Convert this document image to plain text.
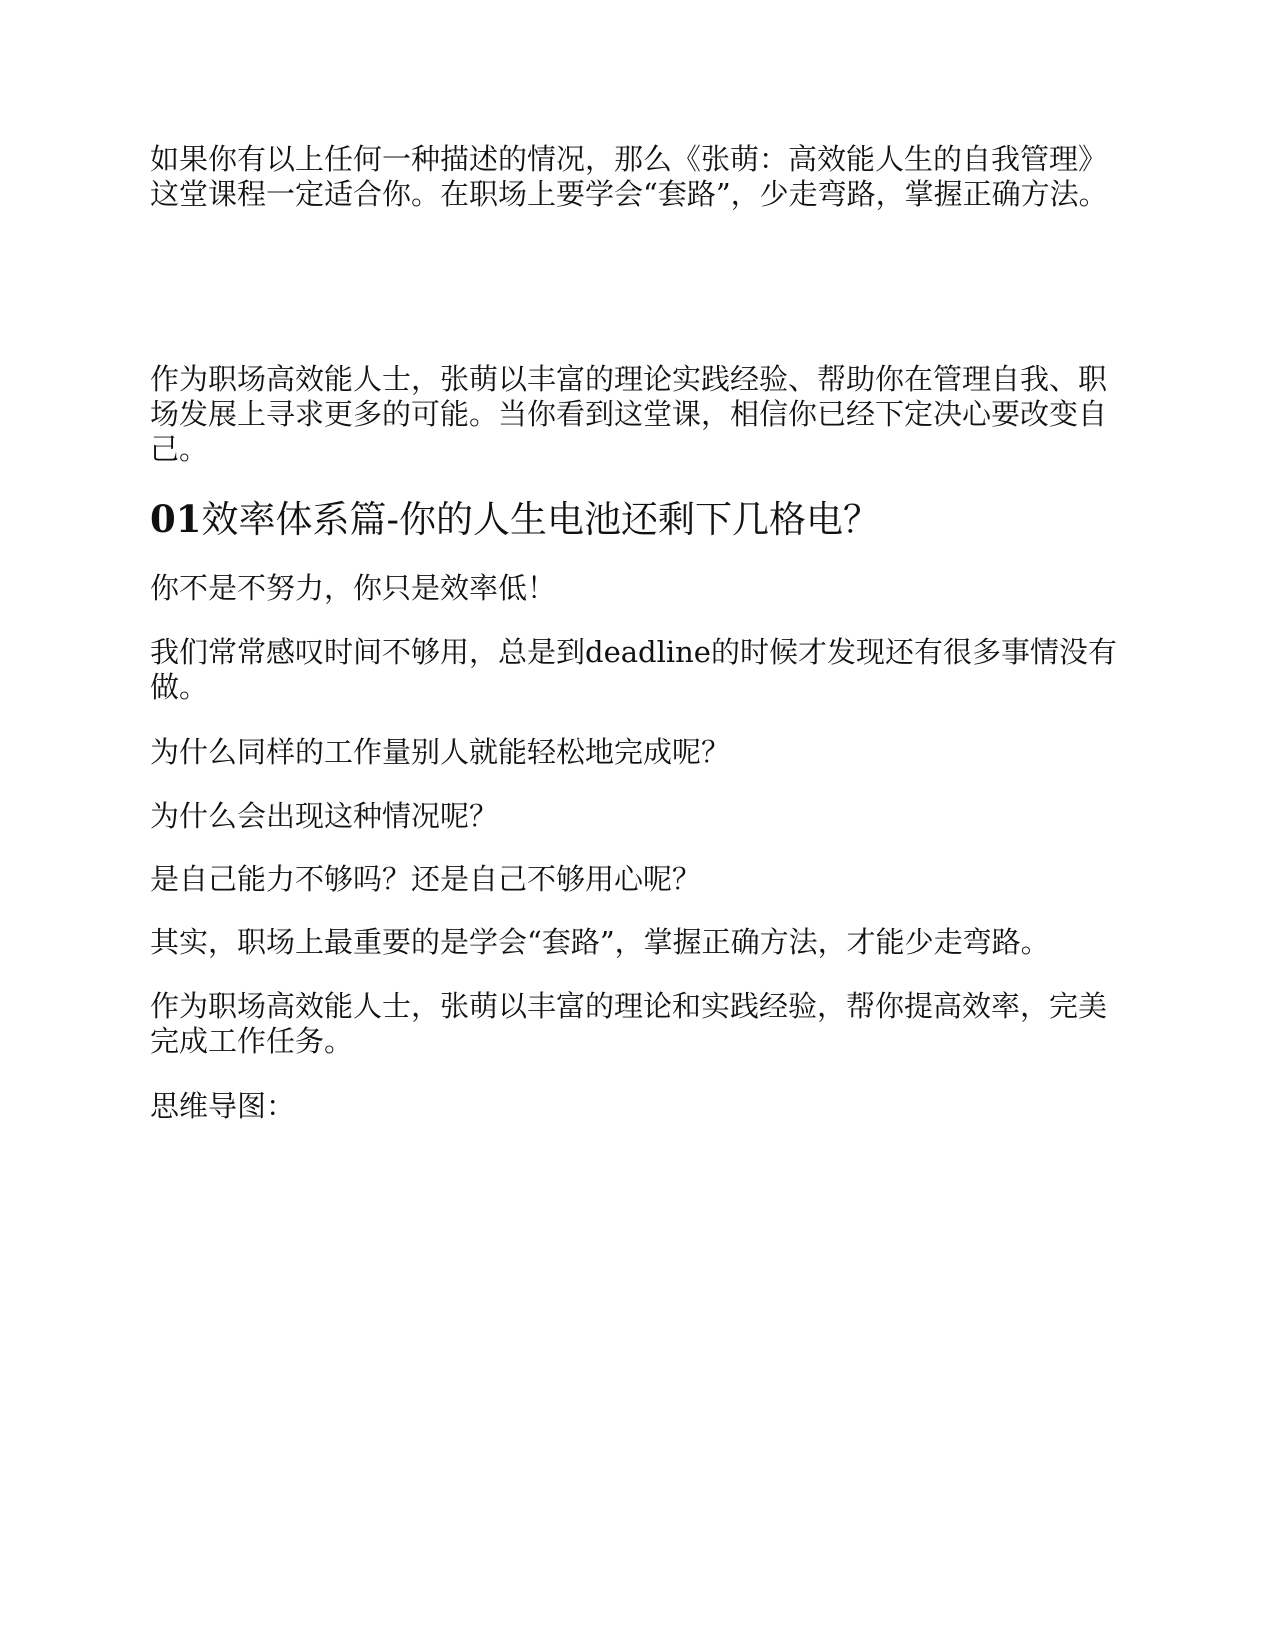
如果你有以上任何一种描述的情况，那么《张萌：高效能人生的自我管理》这堂课程一定适合你。在职场上要学会“套路”，少走弯路，掌握正确方法。

作为职场高效能人士，张萌以丰富的理论实践经验、帮助你在管理自我、职场发展上寻求更多的可能。当你看到这堂课，相信你已经下定决心要改变自己。

01效率体系篇-你的人生电池还剩下几格电？

你不是不努力，你只是效率低！

我们常常感叹时间不够用，总是到deadline的时候才发现还有很多事情没有做。

为什么同样的工作量别人就能轻松地完成呢？

为什么会出现这种情况呢？

是自己能力不够吗？还是自己不够用心呢？

其实，职场上最重要的是学会“套路”，掌握正确方法，才能少走弯路。

作为职场高效能人士，张萌以丰富的理论和实践经验，帮你提高效率，完美完成工作任务。

思维导图：
